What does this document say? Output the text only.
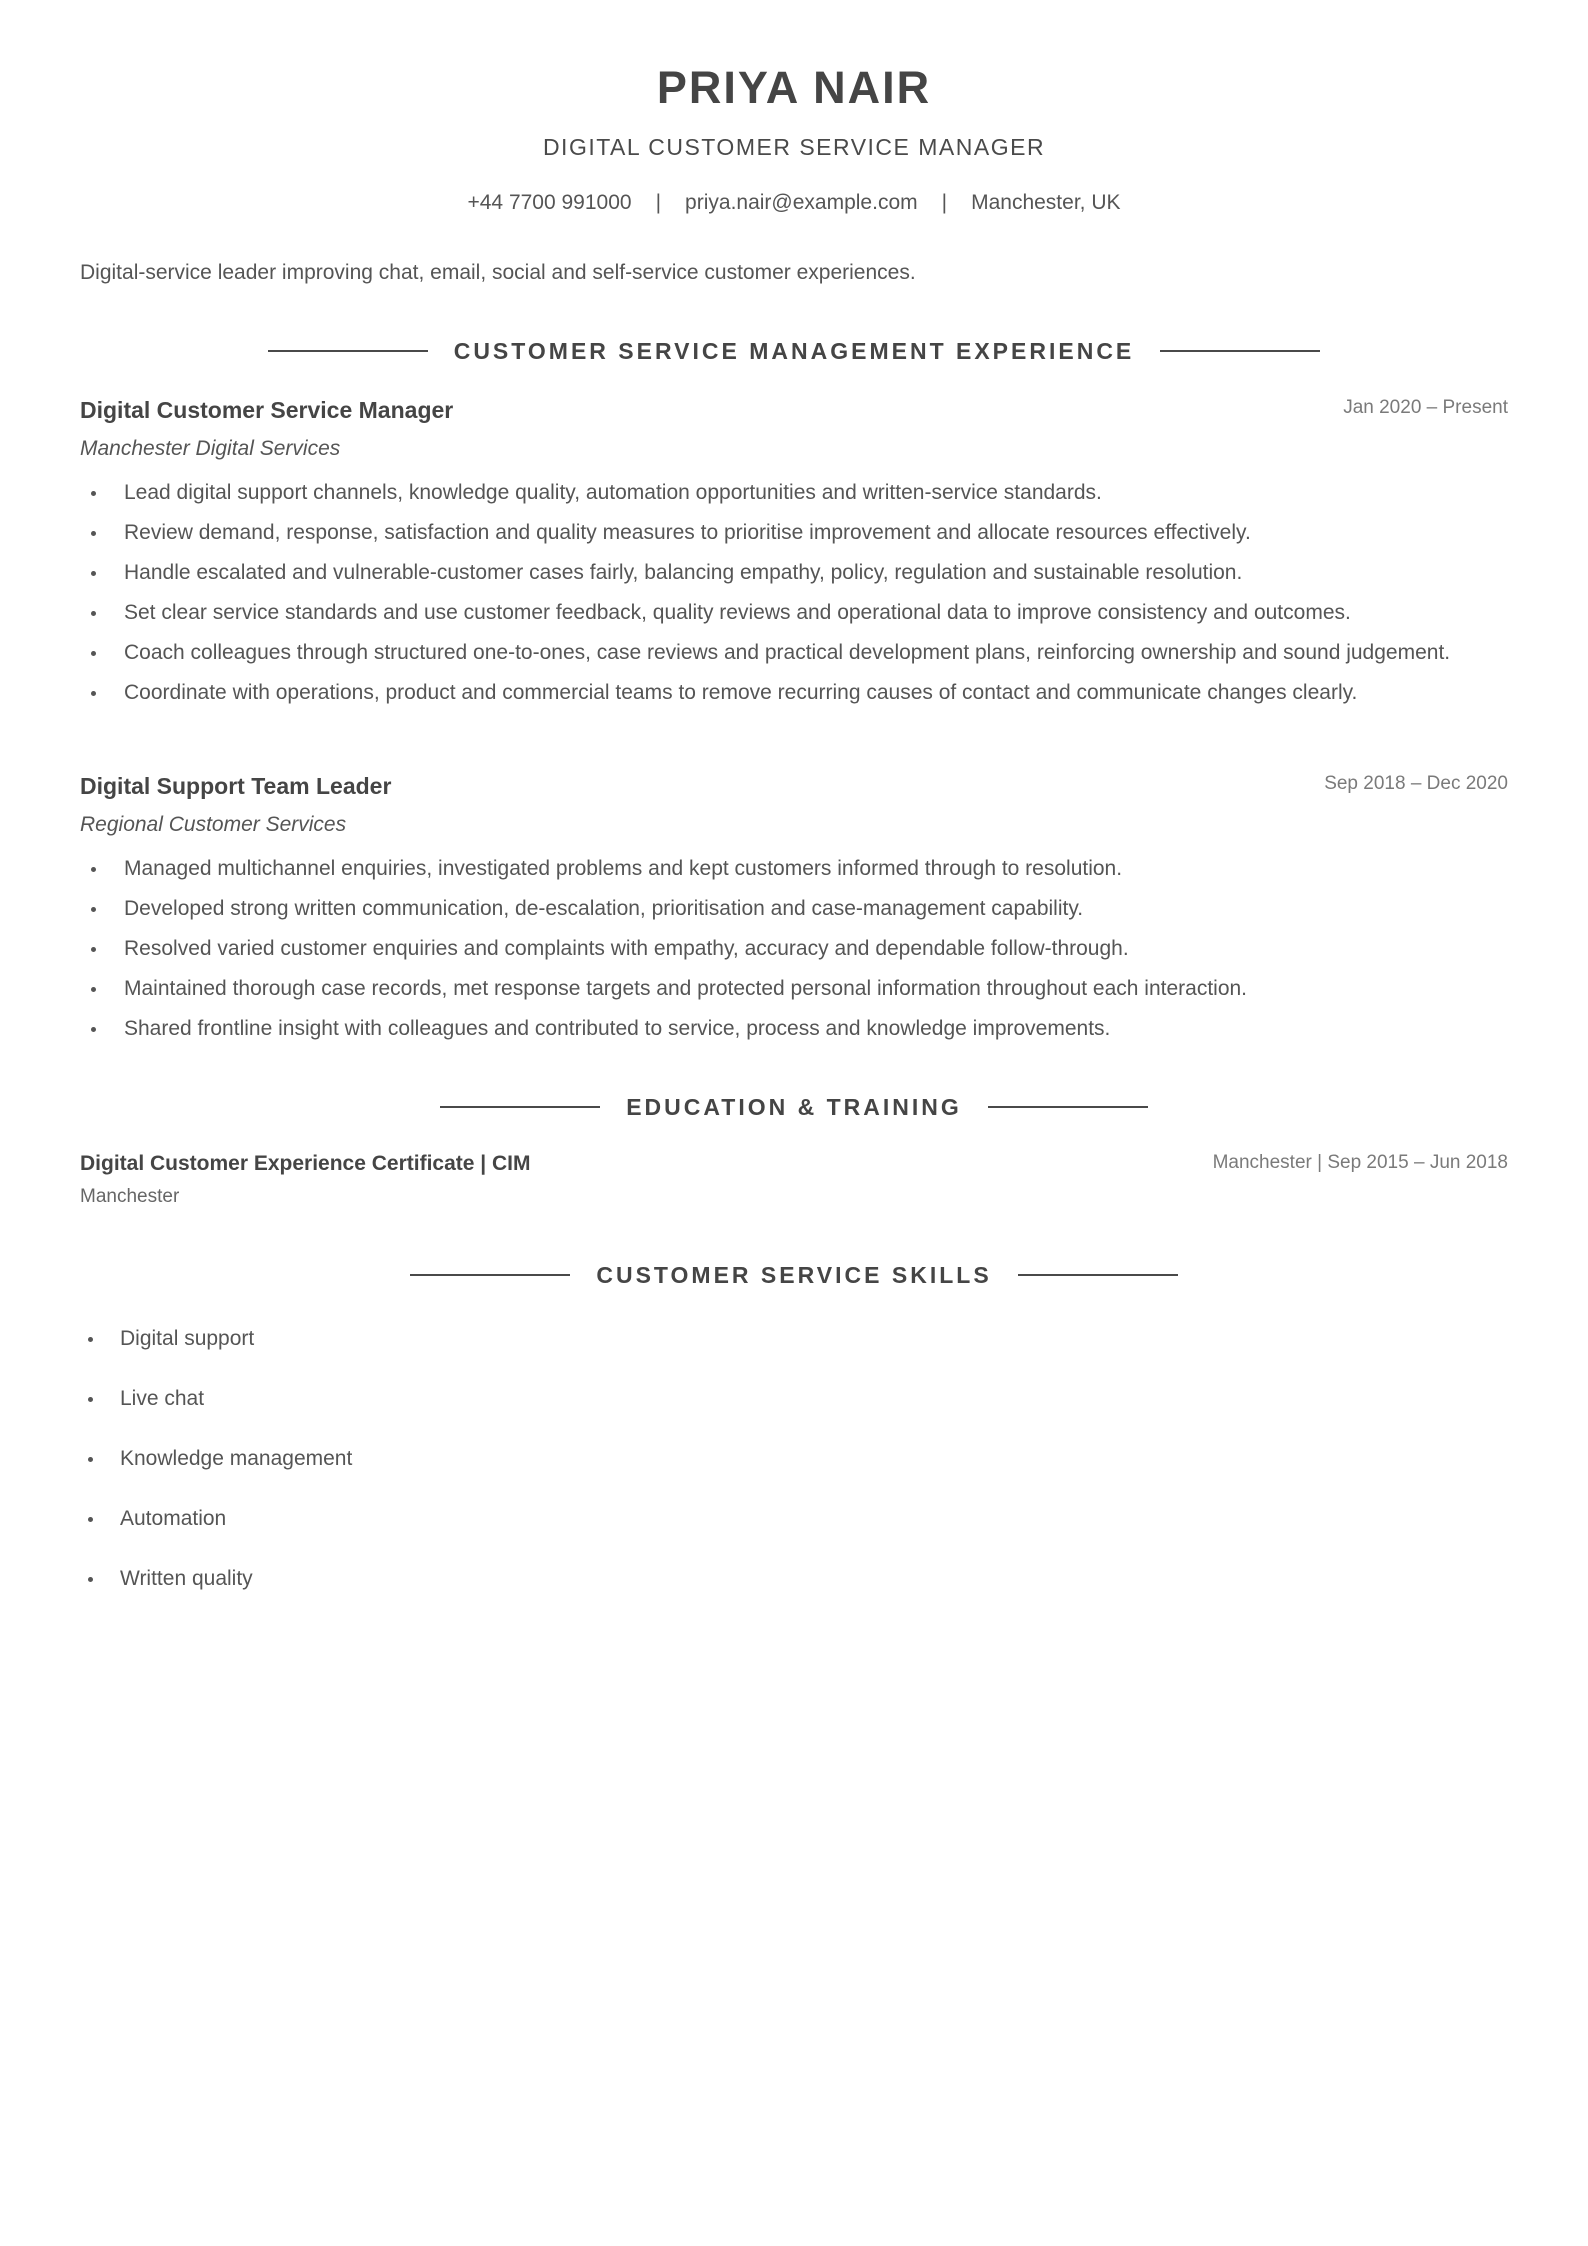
PRIYA NAIR
DIGITAL CUSTOMER SERVICE MANAGER
+44 7700 991000 | priya.nair@example.com | Manchester, UK
Digital-service leader improving chat, email, social and self-service customer experiences.
CUSTOMER SERVICE MANAGEMENT EXPERIENCE
Digital Customer Service Manager	Jan 2020 – Present
Manchester Digital Services
Lead digital support channels, knowledge quality, automation opportunities and written-service standards.
Review demand, response, satisfaction and quality measures to prioritise improvement and allocate resources effectively.
Handle escalated and vulnerable-customer cases fairly, balancing empathy, policy, regulation and sustainable resolution.
Set clear service standards and use customer feedback, quality reviews and operational data to improve consistency and outcomes.
Coach colleagues through structured one-to-ones, case reviews and practical development plans, reinforcing ownership and sound judgement.
Coordinate with operations, product and commercial teams to remove recurring causes of contact and communicate changes clearly.
Digital Support Team Leader	Sep 2018 – Dec 2020
Regional Customer Services
Managed multichannel enquiries, investigated problems and kept customers informed through to resolution.
Developed strong written communication, de-escalation, prioritisation and case-management capability.
Resolved varied customer enquiries and complaints with empathy, accuracy and dependable follow-through.
Maintained thorough case records, met response targets and protected personal information throughout each interaction.
Shared frontline insight with colleagues and contributed to service, process and knowledge improvements.
EDUCATION & TRAINING
Digital Customer Experience Certificate | CIM	Manchester | Sep 2015 – Jun 2018
Manchester
CUSTOMER SERVICE SKILLS
Digital support
Live chat
Knowledge management
Automation
Written quality
